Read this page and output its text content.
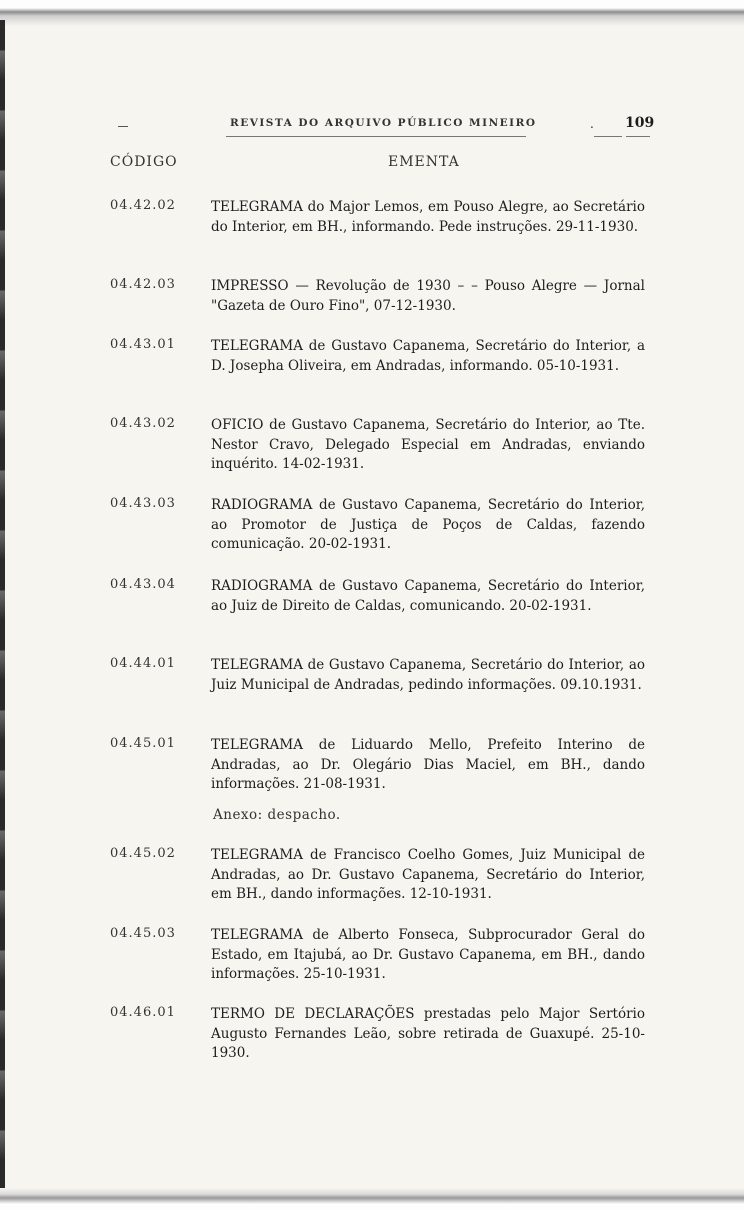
REVISTA DO ARQUIVO PÚBLICO MINEIRO	. 109
CÓDIGO	EMENTA
04.42.02	TELEGRAMA do Major Lemos, em Pouso Alegre, ao Secretário do Interior, em BH., informando. Pede instruções. 29-11-1930.
04.42.03	IMPRESSO — Revolução de 1930 – – Pouso Alegre — Jornal "Gazeta de Ouro Fino", 07-12-1930.
04.43.01	TELEGRAMA de Gustavo Capanema, Secretário do Interior, a D. Josepha Oliveira, em Andradas, informando. 05-10-1931.
04.43.02	OFICIO de Gustavo Capanema, Secretário do Interior, ao Tte. Nestor Cravo, Delegado Especial em Andradas, enviando inquérito. 14-02-1931.
04.43.03	RADIOGRAMA de Gustavo Capanema, Secretário do Interior, ao Promotor de Justiça de Poços de Caldas, fazendo comunicação. 20-02-1931.
04.43.04	RADIOGRAMA de Gustavo Capanema, Secretário do Interior, ao Juiz de Direito de Caldas, comunicando. 20-02-1931.
04.44.01	TELEGRAMA de Gustavo Capanema, Secretário do Interior, ao Juiz Municipal de Andradas, pedindo informações. 09.10.1931.
04.45.01	TELEGRAMA de Liduardo Mello, Prefeito Interino de Andradas, ao Dr. Olegário Dias Maciel, em BH., dando informações. 21-08-1931.
Anexo: despacho.
04.45.02	TELEGRAMA de Francisco Coelho Gomes, Juiz Municipal de Andradas, ao Dr. Gustavo Capanema, Secretário do Interior, em BH., dando informações. 12-10-1931.
04.45.03	TELEGRAMA de Alberto Fonseca, Subprocurador Geral do Estado, em Itajubá, ao Dr. Gustavo Capanema, em BH., dando informações. 25-10-1931.
04.46.01	TERMO DE DECLARAÇÕES prestadas pelo Major Sertório Augusto Fernandes Leão, sobre retirada de Guaxupé. 25-10-1930.
